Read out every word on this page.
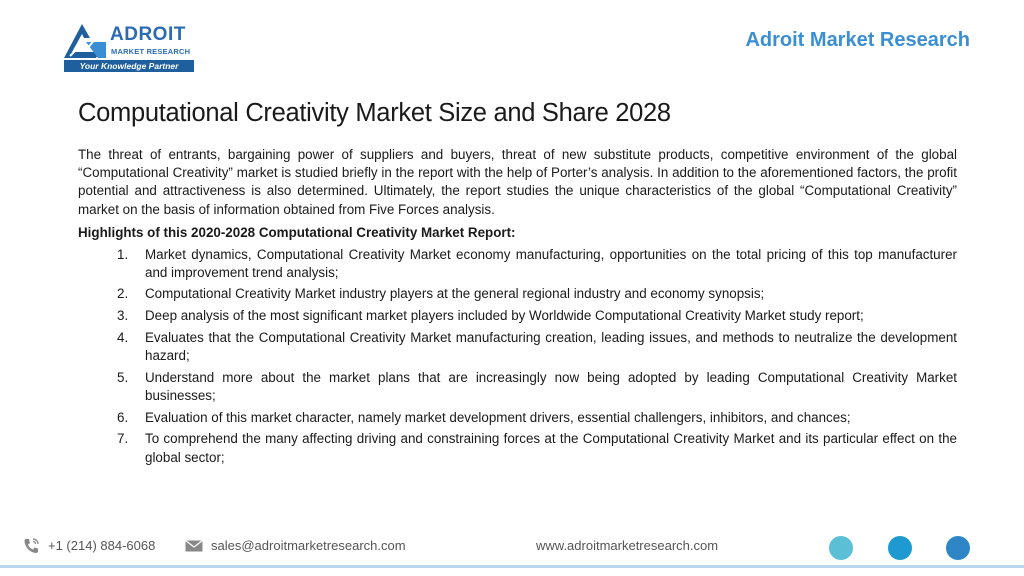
ADROIT
MARKET RESEARCH
Your Knowledge Partner
Adroit Market Research
Computational Creativity Market Size and Share 2028

The threat of entrants, bargaining power of suppliers and buyers, threat of new substitute products, competitive environment of the global “Computational Creativity” market is studied briefly in the report with the help of Porter’s analysis. In addition to the aforementioned factors, the profit potential and attractiveness is also determined. Ultimately, the report studies the unique characteristics of the global “Computational Creativity” market on the basis of information obtained from Five Forces analysis.

Highlights of this 2020-2028 Computational Creativity Market Report:

1.	Market dynamics, Computational Creativity Market economy manufacturing, opportunities on the total pricing of this top manufacturer and improvement trend analysis;
2.	Computational Creativity Market industry players at the general regional industry and economy synopsis;
3.	Deep analysis of the most significant market players included by Worldwide Computational Creativity Market study report;
4.	Evaluates that the Computational Creativity Market manufacturing creation, leading issues, and methods to neutralize the development hazard;
5.	Understand more about the market plans that are increasingly now being adopted by leading Computational Creativity Market businesses;
6.	Evaluation of this market character, namely market development drivers, essential challengers, inhibitors, and chances;
7.	To comprehend the many affecting driving and constraining forces at the Computational Creativity Market and its particular effect on the global sector;
+1 (214) 884-6068	sales@adroitmarketresearch.com	www.adroitmarketresearch.com
